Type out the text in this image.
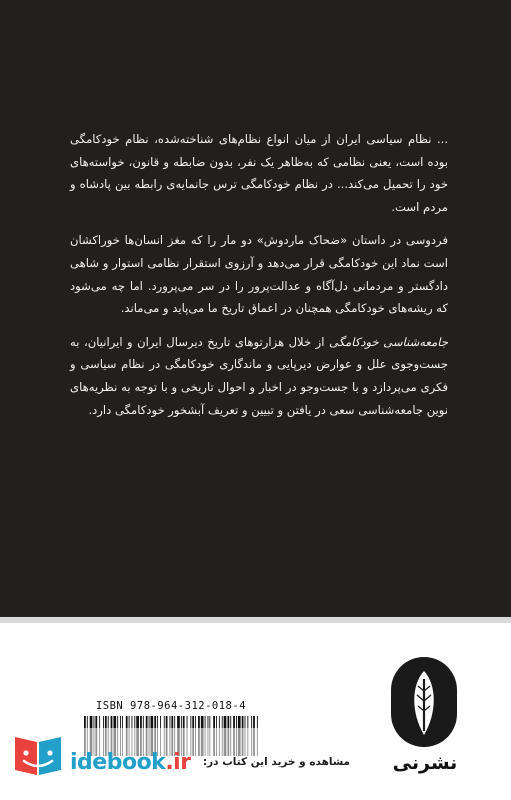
... نظام سیاسی ایران از میان انواع نظام‌های شناخته‌شده، نظام خودکامگی بوده است، یعنی نظامی که به‌ظاهر یک نفر، بدون ضابطه و قانون، خواسته‌های خود را تحمیل می‌کند... در نظام خودکامگی ترس جانمایه‌ی رابطه بین پادشاه و مردم است.

فردوسی در داستان «ضحاک ماردوش» دو مار را که مغز انسان‌ها خوراکشان است نماد این خودکامگی قرار می‌دهد و آرزوی استقرار نظامی استوار و شاهی دادگستر و مردمانی دل‌آگاه و عدالت‌پرور را در سر می‌پرورد. اما چه می‌شود که ریشه‌های خودکامگی همچنان در اعماق تاریخ ما می‌پاید و می‌ماند.

جامعه‌شناسی خودکامگی از خلال هزارتوهای تاریخ دیرسال ایران و ایرانیان، به جست‌وجوی علل و عوارض دیرپایی و ماندگاری خودکامگی در نظام سیاسی و فکری می‌پردازد و با جست‌وجو در اخبار و احوال تاریخی و با توجه به نظریه‌های نوین جامعه‌شناسی سعی در یافتن و تبیین و تعریف آبشخور خودکامگی دارد.

ISBN 978-964-312-018-4
نشرنی
idebook.ir مشاهده و خرید این کتاب در:
